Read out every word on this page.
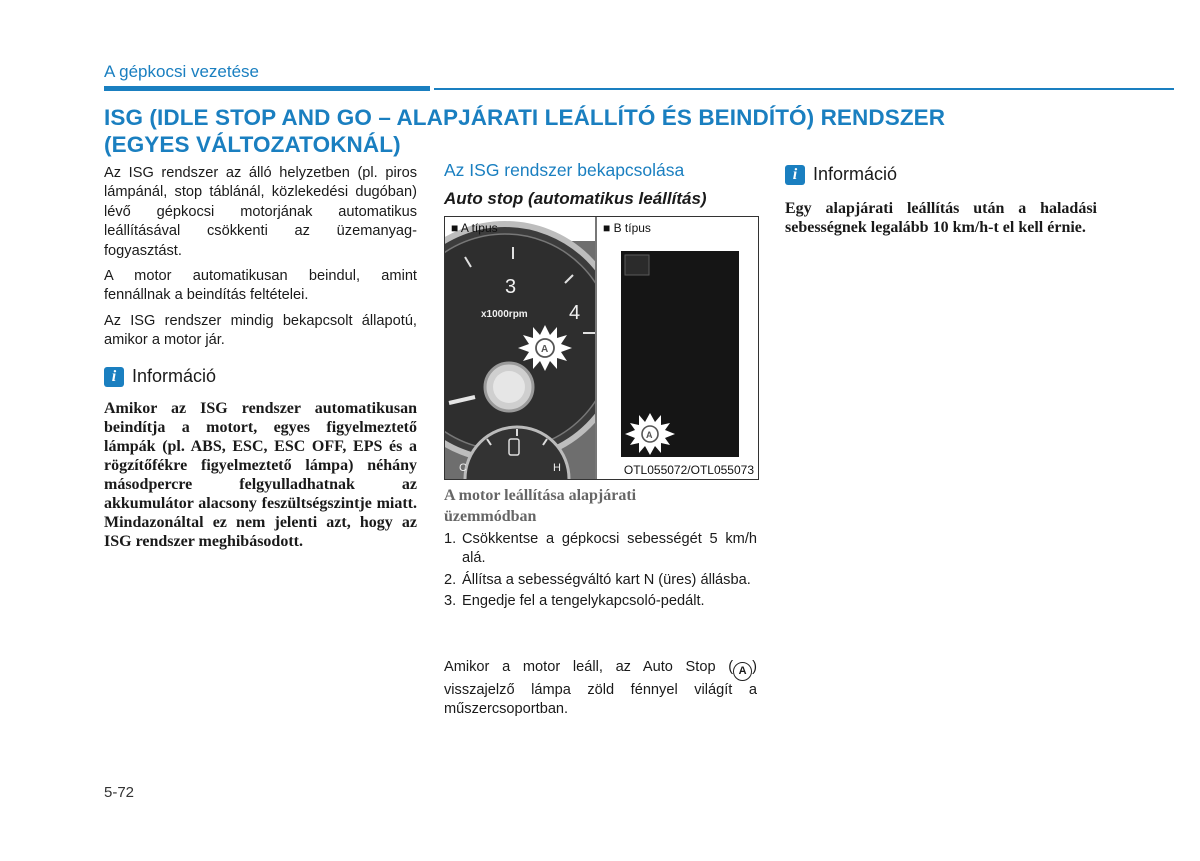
A gépkocsi vezetése
ISG (IDLE STOP AND GO – ALAPJÁRATI LEÁLLÍTÓ ÉS BEINDÍTÓ) RENDSZER (EGYES VÁLTOZATOKNÁL)

Az ISG rendszer az álló helyzetben (pl. piros lámpánál, stop táblánál, közlekedési dugóban) lévő gépkocsi motorjának automatikus leállításával csökkenti az üzemanyag-fogyasztást.

A motor automatikusan beindul, amint fennállnak a beindítás feltételei.

Az ISG rendszer mindig bekapcsolt állapotú, amikor a motor jár.

i Információ
Amikor az ISG rendszer automatikusan beindítja a motort, egyes figyelmeztető lámpák (pl. ABS, ESC, ESC OFF, EPS és a rögzítőfékre figyelmeztető lámpa) néhány másodpercre felgyulladhatnak az akkumulátor alacsony feszültségszintje miatt. Mindazonáltal ez nem jelenti azt, hogy az ISG rendszer meghibásodott.
Az ISG rendszer bekapcsolása
Auto stop (automatikus leállítás)
3
4
x1000rpm
A
C	H
A
■ A típus	■ B típus
OTL055072/OTL055073
A motor leállítása alapjárati üzemmódban
1. Csökkentse a gépkocsi sebességét 5 km/h alá.
2. Állítsa a sebességváltó kart N (üres) állásba.
3. Engedje fel a tengelykapcsoló-pedált.
Amikor a motor leáll, az Auto Stop ( A ) visszajelző lámpa zöld fénnyel világít a műszercsoportban.
i Információ
Egy alapjárati leállítás után a haladási sebességnek legalább 10 km/h-t el kell érnie.
5-72
